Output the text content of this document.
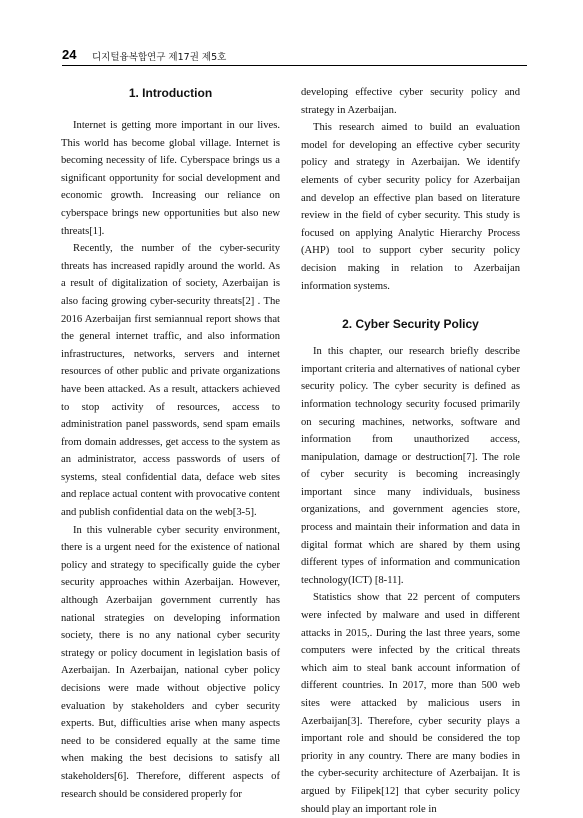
24 디지털융복합연구 제17권 제5호
1. Introduction

Internet is getting more important in our lives. This world has become global village. Internet is becoming necessity of life. Cyberspace brings us a significant opportunity for social development and economic growth. Increasing our reliance on cyberspace brings new opportunities but also new threats[1].

Recently, the number of the cyber-security threats has increased rapidly around the world. As a result of digitalization of society, Azerbaijan is also facing growing cyber-security threats[2] . The 2016 Azerbaijan first semiannual report shows that the general internet traffic, and also information infrastructures, networks, servers and internet resources of other public and private organizations have been attacked. As a result, attackers achieved to stop activity of resources, access to administration panel passwords, send spam emails from domain addresses, get access to the system as an administrator, access passwords of users of systems, steal confidential data, deface web sites and replace actual content with provocative content and publish confidential data on the web[3-5].

In this vulnerable cyber security environment, there is a urgent need for the existence of national policy and strategy to specifically guide the cyber security approaches within Azerbaijan. However, although Azerbaijan government currently has national strategies on developing information society, there is no any national cyber security strategy or policy document in legislation basis of Azerbaijan. In Azerbaijan, national cyber policy decisions were made without objective policy evaluation by stakeholders and cyber security experts. But, difficulties arise when many aspects need to be considered equally at the same time when making the best decisions to satisfy all stakeholders[6]. Therefore, different aspects of research should be considered properly for

developing effective cyber security policy and strategy in Azerbaijan.

This research aimed to build an evaluation model for developing an effective cyber security policy and strategy in Azerbaijan. We identify elements of cyber security policy for Azerbaijan and develop an effective plan based on literature review in the field of cyber security. This study is focused on applying Analytic Hierarchy Process (AHP) tool to support cyber security policy decision making in relation to Azerbaijan information systems.

2. Cyber Security Policy

In this chapter, our research briefly describe important criteria and alternatives of national cyber security policy. The cyber security is defined as information technology security focused primarily on securing machines, networks, software and information from unauthorized access, manipulation, damage or destruction[7]. The role of cyber security is becoming increasingly important since many individuals, business organizations, and government agencies store, process and maintain their information and data in digital format which are shared by them using different types of information and communication technology(ICT) [8-11].

Statistics show that 22 percent of computers were infected by malware and used in different attacks in 2015,. During the last three years, some computers were infected by the critical threats which aim to steal bank account information of different countries. In 2017, more than 500 web sites were attacked by malicious users in Azerbaijan[3]. Therefore, cyber security plays a important role and should be considered the top priority in any country. There are many bodies in the cyber-security architecture of Azerbaijan. It is argued by Filipek[12] that cyber security policy should play an important role in
